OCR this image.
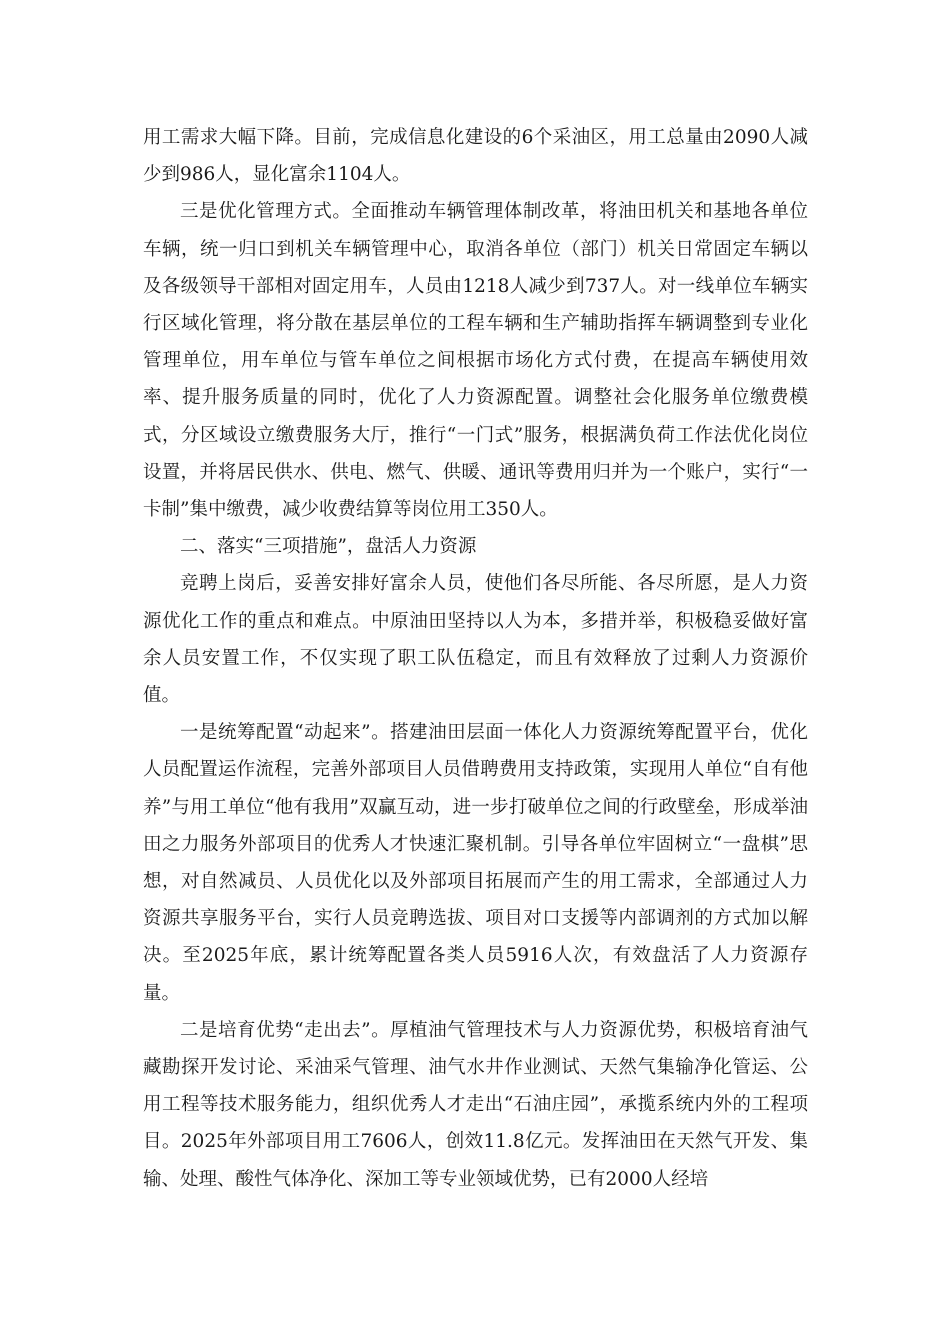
用工需求大幅下降。目前，完成信息化建设的6个采油区，用工总量由2090人减少到986人，显化富余1104人。

三是优化管理方式。全面推动车辆管理体制改革，将油田机关和基地各单位车辆，统一归口到机关车辆管理中心，取消各单位（部门）机关日常固定车辆以及各级领导干部相对固定用车，人员由1218人减少到737人。对一线单位车辆实行区域化管理，将分散在基层单位的工程车辆和生产辅助指挥车辆调整到专业化管理单位，用车单位与管车单位之间根据市场化方式付费，在提高车辆使用效率、提升服务质量的同时，优化了人力资源配置。调整社会化服务单位缴费模式，分区域设立缴费服务大厅，推行“一门式”服务，根据满负荷工作法优化岗位设置，并将居民供水、供电、燃气、供暖、通讯等费用归并为一个账户，实行“一卡制”集中缴费，减少收费结算等岗位用工350人。

二、落实“三项措施”，盘活人力资源

竞聘上岗后，妥善安排好富余人员，使他们各尽所能、各尽所愿，是人力资源优化工作的重点和难点。中原油田坚持以人为本，多措并举，积极稳妥做好富余人员安置工作，不仅实现了职工队伍稳定，而且有效释放了过剩人力资源价值。

一是统筹配置“动起来”。搭建油田层面一体化人力资源统筹配置平台，优化人员配置运作流程，完善外部项目人员借聘费用支持政策，实现用人单位“自有他养”与用工单位“他有我用”双赢互动，进一步打破单位之间的行政壁垒，形成举油田之力服务外部项目的优秀人才快速汇聚机制。引导各单位牢固树立“一盘棋”思想，对自然减员、人员优化以及外部项目拓展而产生的用工需求，全部通过人力资源共享服务平台，实行人员竞聘选拔、项目对口支援等内部调剂的方式加以解决。至2025年底，累计统筹配置各类人员5916人次，有效盘活了人力资源存量。

二是培育优势“走出去”。厚植油气管理技术与人力资源优势，积极培育油气藏勘探开发讨论、采油采气管理、油气水井作业测试、天然气集输净化管运、公用工程等技术服务能力，组织优秀人才走出“石油庄园”，承揽系统内外的工程项目。2025年外部项目用工7606人，创效11.8亿元。发挥油田在天然气开发、集输、处理、酸性气体净化、深加工等专业领域优势，已有2000人经培
